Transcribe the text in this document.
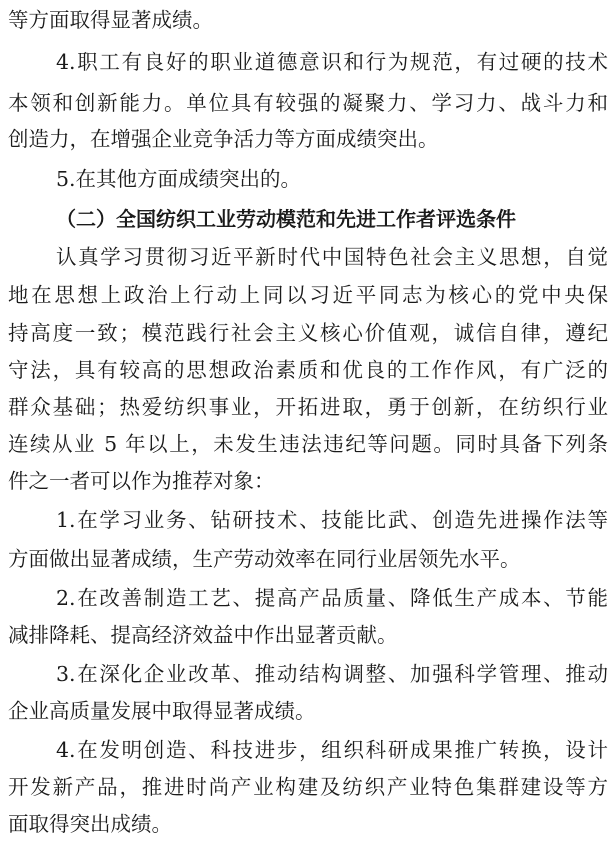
等方面取得显著成绩。
4.职工有良好的职业道德意识和行为规范，有过硬的技术
本领和创新能力。单位具有较强的凝聚力、学习力、战斗力和
创造力，在增强企业竞争活力等方面成绩突出。
5.在其他方面成绩突出的。
（二）全国纺织工业劳动模范和先进工作者评选条件
认真学习贯彻习近平新时代中国特色社会主义思想，自觉
地在思想上政治上行动上同以习近平同志为核心的党中央保
持高度一致；模范践行社会主义核心价值观，诚信自律，遵纪
守法，具有较高的思想政治素质和优良的工作作风，有广泛的
群众基础；热爱纺织事业，开拓进取，勇于创新，在纺织行业
连续从业 5 年以上，未发生违法违纪等问题。同时具备下列条
件之一者可以作为推荐对象：
1.在学习业务、钻研技术、技能比武、创造先进操作法等
方面做出显著成绩，生产劳动效率在同行业居领先水平。
2.在改善制造工艺、提高产品质量、降低生产成本、节能
减排降耗、提高经济效益中作出显著贡献。
3.在深化企业改革、推动结构调整、加强科学管理、推动
企业高质量发展中取得显著成绩。
4.在发明创造、科技进步，组织科研成果推广转换，设计
开发新产品，推进时尚产业构建及纺织产业特色集群建设等方
面取得突出成绩。
